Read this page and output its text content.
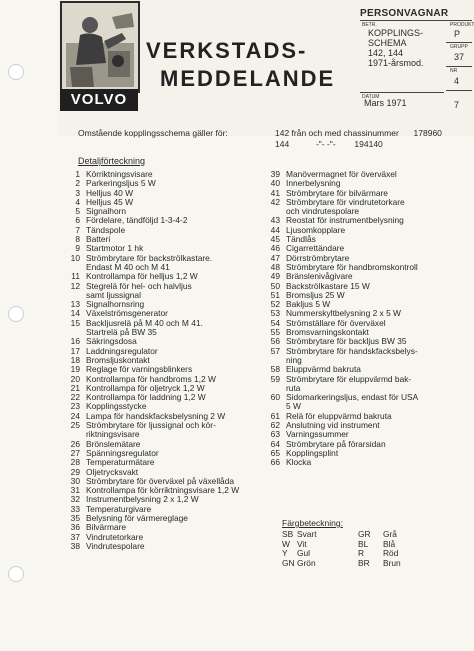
VOLVO
VERKSTADS-
MEDDELANDE
PERSONVAGNAR
BETR.
KOPPLINGS-
SCHEMA
142, 144
1971-årsmod.
DATUM
Mars 1971
PRODUKT
P
GRUPP
37
NR
4
7
Omstående kopplingsschema gäller för:	142 från och med chassinummer 178960
144	-"- -"- 194140
Detaljförteckning
1 Körriktningsvisare
2 Parkeringsljus 5 W
3 Helljus 40 W
4 Helljus 45 W
5 Signalhorn
6 Fördelare, tändföljd 1-3-4-2
7 Tändspole
8 Batteri
9 Startmotor 1 hk
10 Strömbrytare för backströlkastare.
Endast M 40 och M 41
11 Kontrollampa för helljus 1,2 W
12 Stegrelä för hel- och halvljus
samt ljussignal
13 Signalhornsring
14 Växelströmsgenerator
15 Backljusrelä på M 40 och M 41.
Startrelä på BW 35
16 Säkringsdosa
17 Laddningsregulator
18 Bromsljuskontakt
19 Reglage för varningsblinkers
20 Kontrollampa för handbroms 1,2 W
21 Kontrollampa för oljetryck 1,2 W
22 Kontrollampa för laddning 1,2 W
23 Kopplingsstycke
24 Lampa för handskfacksbelysning 2 W
25 Strömbrytare för ljussignal och kör-
riktningsvisare
26 Brönslemätare
27 Spänningsregulator
28 Temperaturmätare
29 Oljetrycksvakt
30 Strömbrytare för överväxel på växellåda
31 Kontrollampa för körriktningsvisare 1,2 W
32 Instrumentbelysning 2 x 1,2 W
33 Temperaturgivare
35 Belysning för värmereglage
36 Bilvärmare
37 Vindrutetorkare
38 Vindrutespolare
39 Manövermagnet för överväxel
40 Innerbelysning
41 Strömbrytare för bilvärmare
42 Strömbrytare för vindrutetorkare
och vindrutespolare
43 Reostat för instrumentbelysning
44 Ljusomkopplare
45 Tändlås
46 Cigarrettändare
47 Dörrströmbrytare
48 Strömbrytare för handbromskontroll
49 Bränslenivågivare
50 Backströlkastare 15 W
51 Bromsljus 25 W
52 Bakljus 5 W
53 Nummerskyltbelysning 2 x 5 W
54 Strömställare för överväxel
55 Bromsvarningskontakt
56 Strömbrytare för backljus BW 35
57 Strömbrytare för handskfacksbelys-
ning
58 Eluppvärmd bakruta
59 Strömbrytare för eluppvärmd bak-
ruta
60 Sidomarkeringsljus, endast för USA
5 W
61 Relä för eluppvärmd bakruta
62 Anslutning vid instrument
63 Varningssummer
64 Strömbrytare på förarsidan
65 Kopplingsplint
66 Klocka
Färgbeteckning:
SB Svart	GR	Grå
W Vit	BL	Blå
Y	Gul	R	Röd
GN Grön	BR	Brun
